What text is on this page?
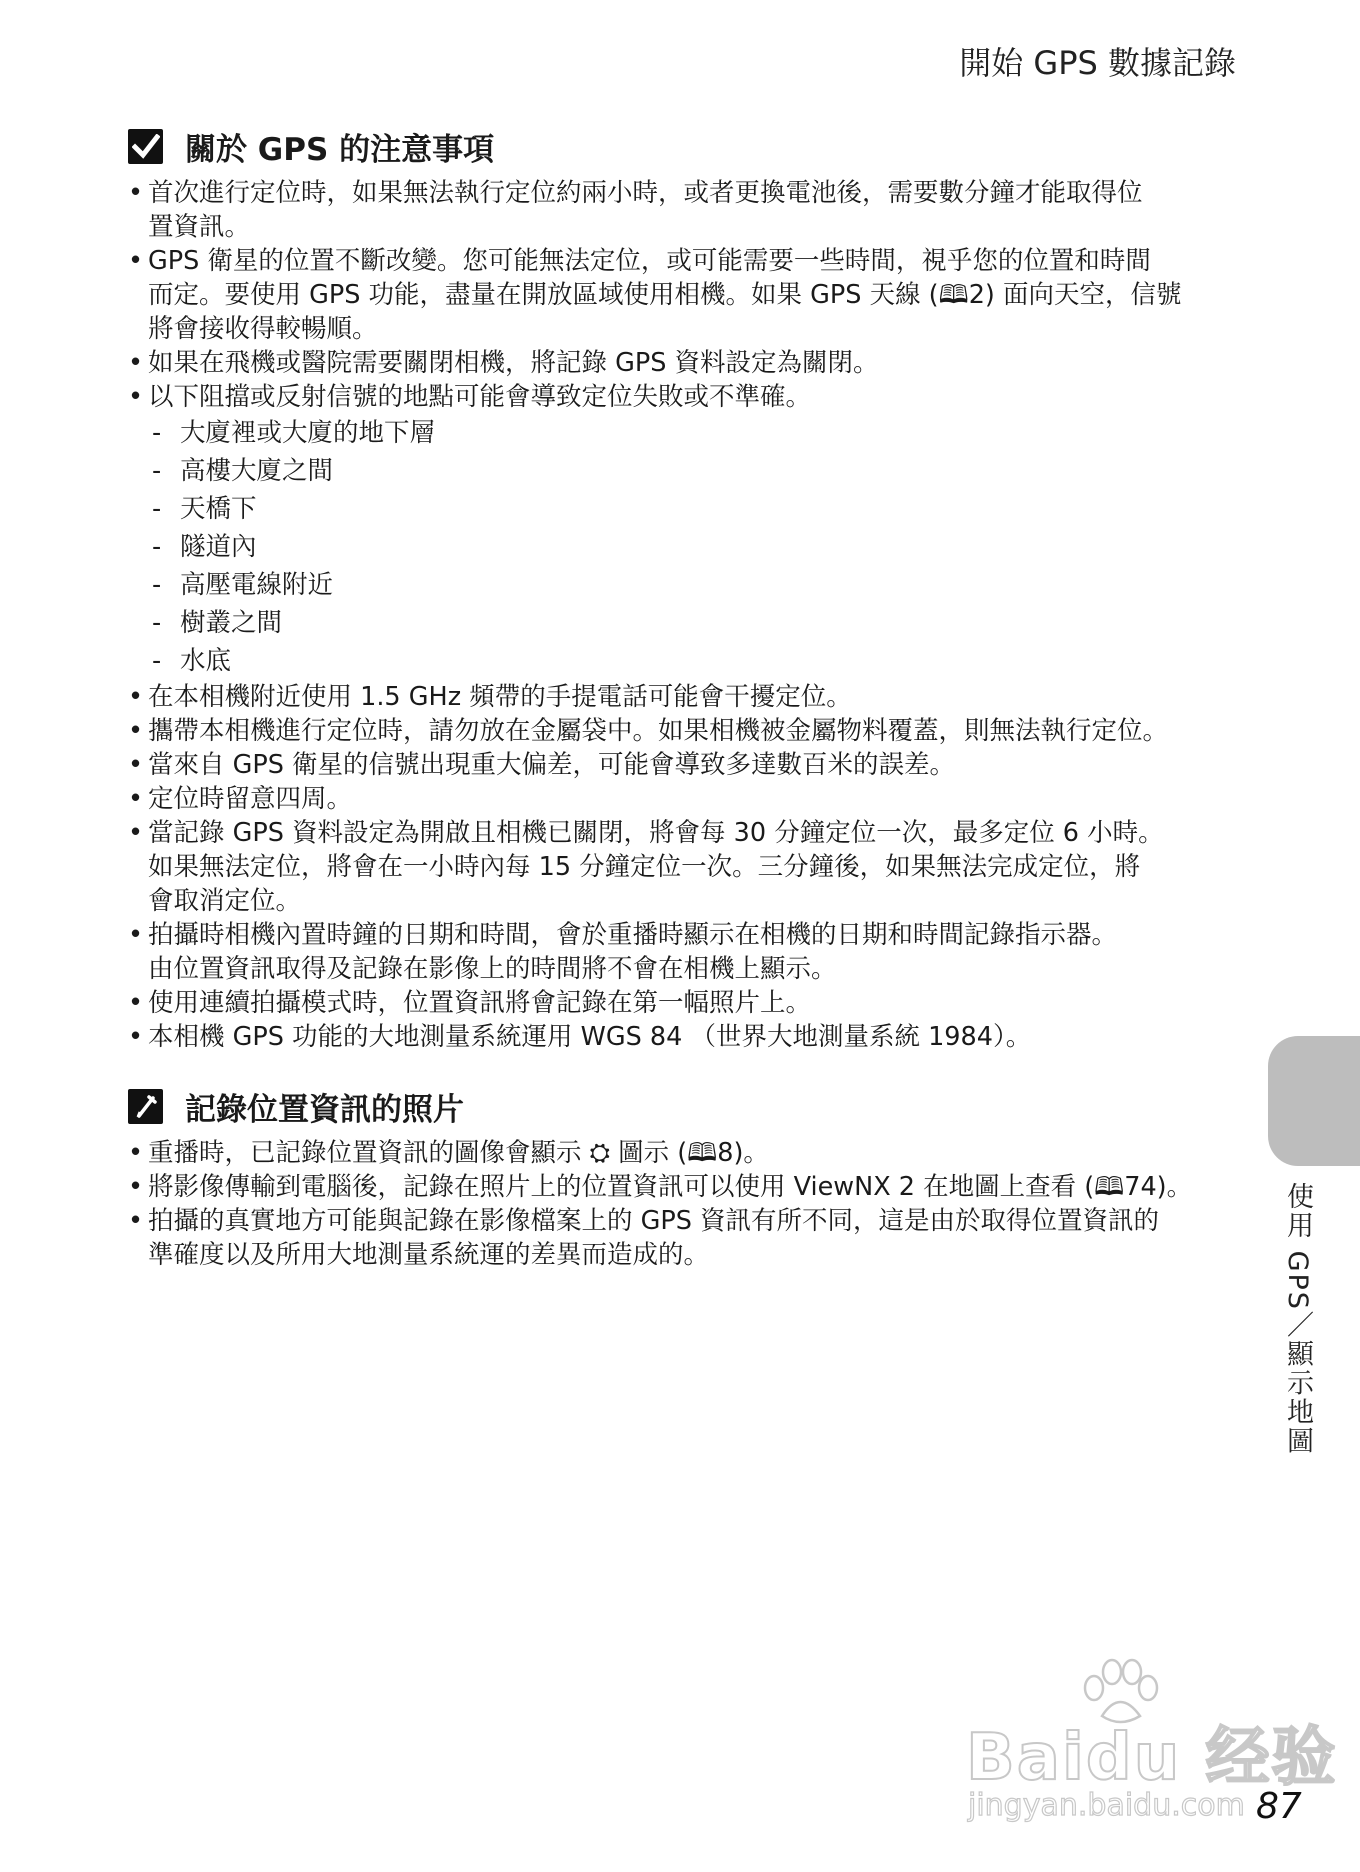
開始 GPS 數據記錄
關於 GPS 的注意事項
• 首次進行定位時，如果無法執行定位約兩小時，或者更換電池後，需要數分鐘才能取得位
置資訊。
• GPS 衛星的位置不斷改變。您可能無法定位，或可能需要一些時間，視乎您的位置和時間
而定。要使用 GPS 功能，盡量在開放區域使用相機。如果 GPS 天線 (🕮2) 面向天空，信號
將會接收得較暢順。
• 如果在飛機或醫院需要關閉相機，將記錄 GPS 資料設定為關閉。
• 以下阻擋或反射信號的地點可能會導致定位失敗或不準確。
- 大廈裡或大廈的地下層
- 高樓大廈之間
- 天橋下
- 隧道內
- 高壓電線附近
- 樹叢之間
- 水底
• 在本相機附近使用 1.5 GHz 頻帶的手提電話可能會干擾定位。
• 攜帶本相機進行定位時，請勿放在金屬袋中。如果相機被金屬物料覆蓋，則無法執行定位。
• 當來自 GPS 衛星的信號出現重大偏差，可能會導致多達數百米的誤差。
• 定位時留意四周。
• 當記錄 GPS 資料設定為開啟且相機已關閉，將會每 30 分鐘定位一次，最多定位 6 小時。
如果無法定位，將會在一小時內每 15 分鐘定位一次。三分鐘後，如果無法完成定位，將
會取消定位。
• 拍攝時相機內置時鐘的日期和時間，會於重播時顯示在相機的日期和時間記錄指示器。
由位置資訊取得及記錄在影像上的時間將不會在相機上顯示。
• 使用連續拍攝模式時，位置資訊將會記錄在第一幅照片上。
• 本相機 GPS 功能的大地測量系統運用 WGS 84 （世界大地測量系統 1984）。
記錄位置資訊的照片
• 重播時，已記錄位置資訊的圖像會顯示 ⛭ 圖示 (🕮8)。
• 將影像傳輸到電腦後，記錄在照片上的位置資訊可以使用 ViewNX 2 在地圖上查看 (🕮74)。
• 拍攝的真實地方可能與記錄在影像檔案上的 GPS 資訊有所不同，這是由於取得位置資訊的
準確度以及所用大地測量系統運的差異而造成的。	使用 GPS／顯示地圖
Baidu 经验
jingyan.baidu.com 87
